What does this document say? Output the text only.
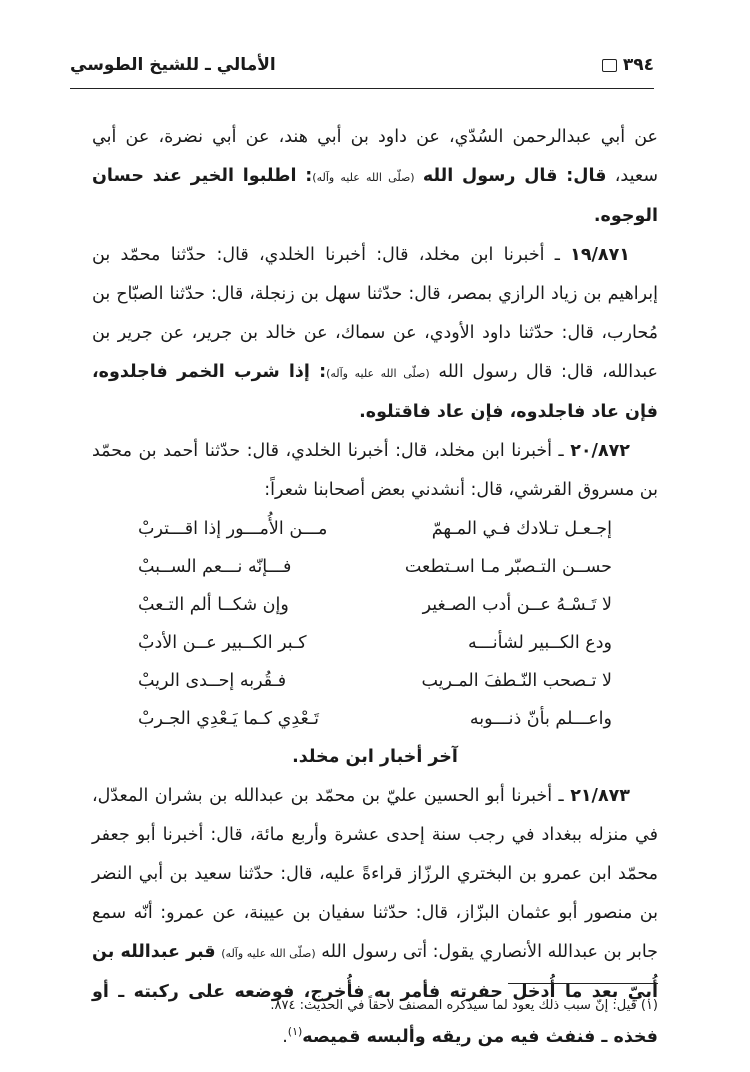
٣٩٤
الأمالي ـ للشيخ الطوسي

عن أبي عبدالرحمن السُدّي، عن داود بن أبي هند، عن أبي نضرة، عن أبي سعيد، قال: قال رسول الله (صلّى الله عليه وآله): اطلبوا الخير عند حسان الوجوه.

١٩/٨٧١ ـ أخبرنا ابن مخلد، قال: أخبرنا الخلدي، قال: حدّثنا محمّد بن إبراهيم بن زياد الرازي بمصر، قال: حدّثنا سهل بن زنجلة، قال: حدّثنا الصبّاح بن مُحارب، قال: حدّثنا داود الأودي، عن سماك، عن خالد بن جرير، عن جرير بن عبدالله، قال: قال رسول الله (صلّى الله عليه وآله): إذا شرب الخمر فاجلدوه، فإن عاد فاجلدوه، فإن عاد فاقتلوه.

٢٠/٨٧٢ ـ أخبرنا ابن مخلد، قال: أخبرنا الخلدي، قال: حدّثنا أحمد بن محمّد بن مسروق القرشي، قال: أنشدني بعض أصحابنا شعراً:

إجـعـل تـلادك فـي المـهمّ
مـــن الأُمـــور إذا اقـــتربْ
حســن التـصبّر مـا اسـتطعت
فـــإنّه نـــعم الســببْ
لا تَـسْـهُ عــن أدب الصـغير
وإن شكــا ألم التـعبْ
ودع الكــبير لشأنـــه
كـبر الكــبير عــن الأدبْ
لا تـصحب النّـطفَ المـريب
فـقُربه إحــدى الريبْ
واعـــلم بأنّ ذنـــوبه
تَـعْدِي كـما يَـعْدِي الجـربْ

آخر أخبار ابن مخلد.

٢١/٨٧٣ ـ أخبرنا أبو الحسين عليّ بن محمّد بن عبدالله بن بشران المعدّل، في منزله ببغداد في رجب سنة إحدى عشرة وأربع مائة، قال: أخبرنا أبو جعفر محمّد ابن عمرو بن البختري الرزّاز قراءةً عليه، قال: حدّثنا سعيد بن أبي النضر بن منصور أبو عثمان البزّاز، قال: حدّثنا سفيان بن عيينة، عن عمرو: أنّه سمع جابر بن عبدالله الأنصاري يقول: أتى رسول الله (صلّى الله عليه وآله) قبر عبدالله بن أُبيّ بعد ما أُدخل حفرته فأمر به فأُخرج، فوضعه على ركبته ـ أو فخذه ـ فنفث فيه من ريقه وألبسه قميصه$^{(١)}$.

(١) قيل: إنّ سبب ذلك يعود لما سيذكره المصنف لاحقاً في الحديث: ٨٧٤.
